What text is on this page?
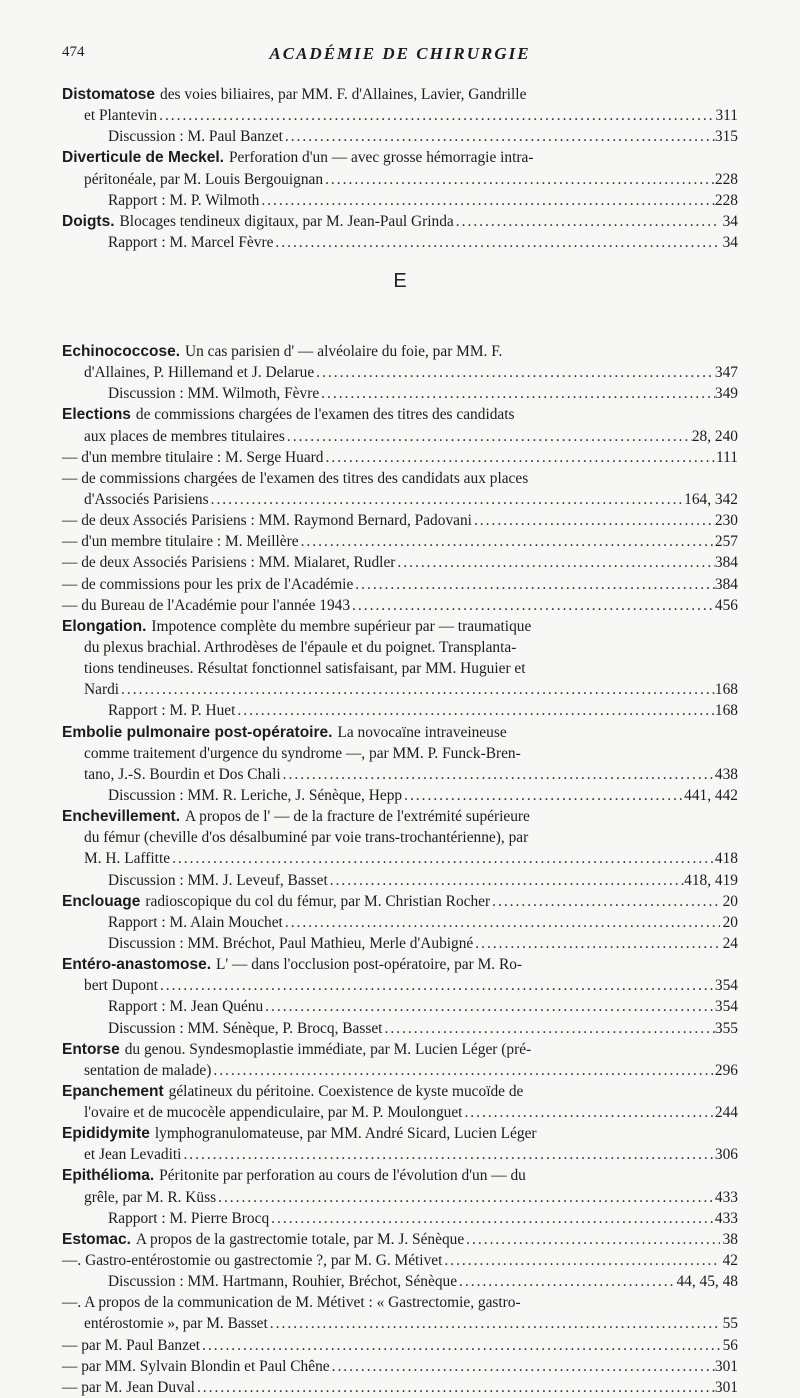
474	ACADÉMIE DE CHIRURGIE
Distomatose des voies biliaires, par MM. F. d'Allaines, Lavier, Gandrille
et Plantevin .....	311
Discussion : M. Paul Banzet .....	315
Diverticule de Meckel. Perforation d'un — avec grosse hémorragie intra-
péritonéale, par M. Louis Bergouignan .....	228
Rapport : M. P. Wilmoth .....	228
Doigts. Blocages tendineux digitaux, par M. Jean-Paul Grinda .....	34
Rapport : M. Marcel Fèvre .....	34
E
Echinococcose. Un cas parisien d' — alvéolaire du foie, par MM. F.
d'Allaines, P. Hillemand et J. Delarue .....	347
Discussion : MM. Wilmoth, Fèvre .....	349
Elections de commissions chargées de l'examen des titres des candidats
aux places de membres titulaires .....	28, 240
— d'un membre titulaire : M. Serge Huard .....	111
— de commissions chargées de l'examen des titres des candidats aux places
d'Associés Parisiens .....	164, 342
— de deux Associés Parisiens : MM. Raymond Bernard, Padovani .....	230
— d'un membre titulaire : M. Meillère .....	257
— de deux Associés Parisiens : MM. Mialaret, Rudler .....	384
— de commissions pour les prix de l'Académie .....	384
— du Bureau de l'Académie pour l'année 1943 .....	456
Elongation. Impotence complète du membre supérieur par — traumatique
du plexus brachial. Arthrodèses de l'épaule et du poignet. Transplanta-
tions tendineuses. Résultat fonctionnel satisfaisant, par MM. Huguier et
Nardi .....	168
Rapport : M. P. Huet .....	168
Embolie pulmonaire post-opératoire. La novocaïne intraveineuse
comme traitement d'urgence du syndrome —, par MM. P. Funck-Bren-
tano, J.-S. Bourdin et Dos Chali .....	438
Discussion : MM. R. Leriche, J. Sénèque, Hepp .....	441, 442
Enchevillement. A propos de l' — de la fracture de l'extrémité supérieure
du fémur (cheville d'os désalbuminé par voie trans-trochantérienne), par
M. H. Laffitte .....	418
Discussion : MM. J. Leveuf, Basset .....	418, 419
Enclouage radioscopique du col du fémur, par M. Christian Rocher .....	20
Rapport : M. Alain Mouchet .....	20
Discussion : MM. Bréchot, Paul Mathieu, Merle d'Aubigné .....	24
Entéro-anastomose. L' — dans l'occlusion post-opératoire, par M. Ro-
bert Dupont .....	354
Rapport : M. Jean Quénu .....	354
Discussion : MM. Sénèque, P. Brocq, Basset .....	355
Entorse du genou. Syndesmoplastie immédiate, par M. Lucien Léger (pré-
sentation de malade) .....	296
Epanchement gélatineux du péritoine. Coexistence de kyste mucoïde de
l'ovaire et de mucocèle appendiculaire, par M. P. Moulonguet .....	244
Epididymite lymphogranulomateuse, par MM. André Sicard, Lucien Léger
et Jean Levaditi .....	306
Epithélioma. Péritonite par perforation au cours de l'évolution d'un — du
grêle, par M. R. Küss .....	433
Rapport : M. Pierre Brocq .....	433
Estomac. A propos de la gastrectomie totale, par M. J. Sénèque .....	38
—. Gastro-entérostomie ou gastrectomie ?, par M. G. Métivet .....	42
Discussion : MM. Hartmann, Rouhier, Bréchot, Sénèque .....	44, 45, 48
—. A propos de la communication de M. Métivet : « Gastrectomie, gastro-
entérostomie », par M. Basset .....	55
— par M. Paul Banzet .....	56
— par MM. Sylvain Blondin et Paul Chêne .....	301
— par M. Jean Duval .....	301
